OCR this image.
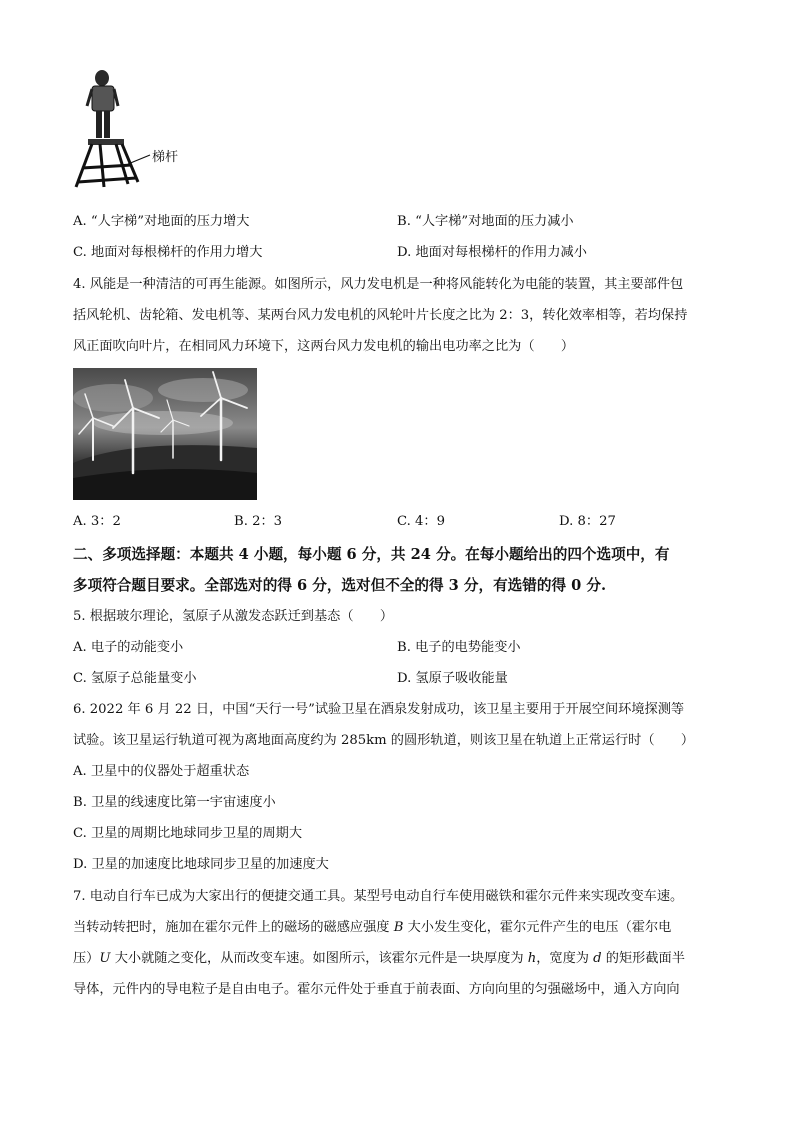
梯杆
A. “人字梯”对地面的压力增大	B. “人字梯”对地面的压力减小
C. 地面对每根梯杆的作用力增大	D. 地面对每根梯杆的作用力减小
4. 风能是一种清洁的可再生能源。如图所示，风力发电机是一种将风能转化为电能的装置，其主要部件包
括风轮机、齿轮箱、发电机等、某两台风力发电机的风轮叶片长度之比为 2：3，转化效率相等，若均保持
风正面吹向叶片，在相同风力环境下，这两台风力发电机的输出电功率之比为（　　）
A. 3：2	B. 2：3	C. 4：9	D. 8：27
二、多项选择题：本题共 4 小题，每小题 6 分，共 24 分。在每小题给出的四个选项中，有
多项符合题目要求。全部选对的得 6 分，选对但不全的得 3 分，有选错的得 0 分.
5. 根据玻尔理论，氢原子从激发态跃迁到基态（　　）
A. 电子的动能变小	B. 电子的电势能变小
C. 氢原子总能量变小	D. 氢原子吸收能量
6. 2022 年 6 月 22 日，中国“天行一号”试验卫星在酒泉发射成功，该卫星主要用于开展空间环境探测等
试验。该卫星运行轨道可视为离地面高度约为 285km 的圆形轨道，则该卫星在轨道上正常运行时（　　）
A. 卫星中的仪器处于超重状态
B. 卫星的线速度比第一宇宙速度小
C. 卫星的周期比地球同步卫星的周期大
D. 卫星的加速度比地球同步卫星的加速度大
7. 电动自行车已成为大家出行的便捷交通工具。某型号电动自行车使用磁铁和霍尔元件来实现改变车速。
当转动转把时，施加在霍尔元件上的磁场的磁感应强度 B 大小发生变化，霍尔元件产生的电压（霍尔电
压）U 大小就随之变化，从而改变车速。如图所示，该霍尔元件是一块厚度为 h，宽度为 d 的矩形截面半
导体，元件内的导电粒子是自由电子。霍尔元件处于垂直于前表面、方向向里的匀强磁场中，通入方向向
